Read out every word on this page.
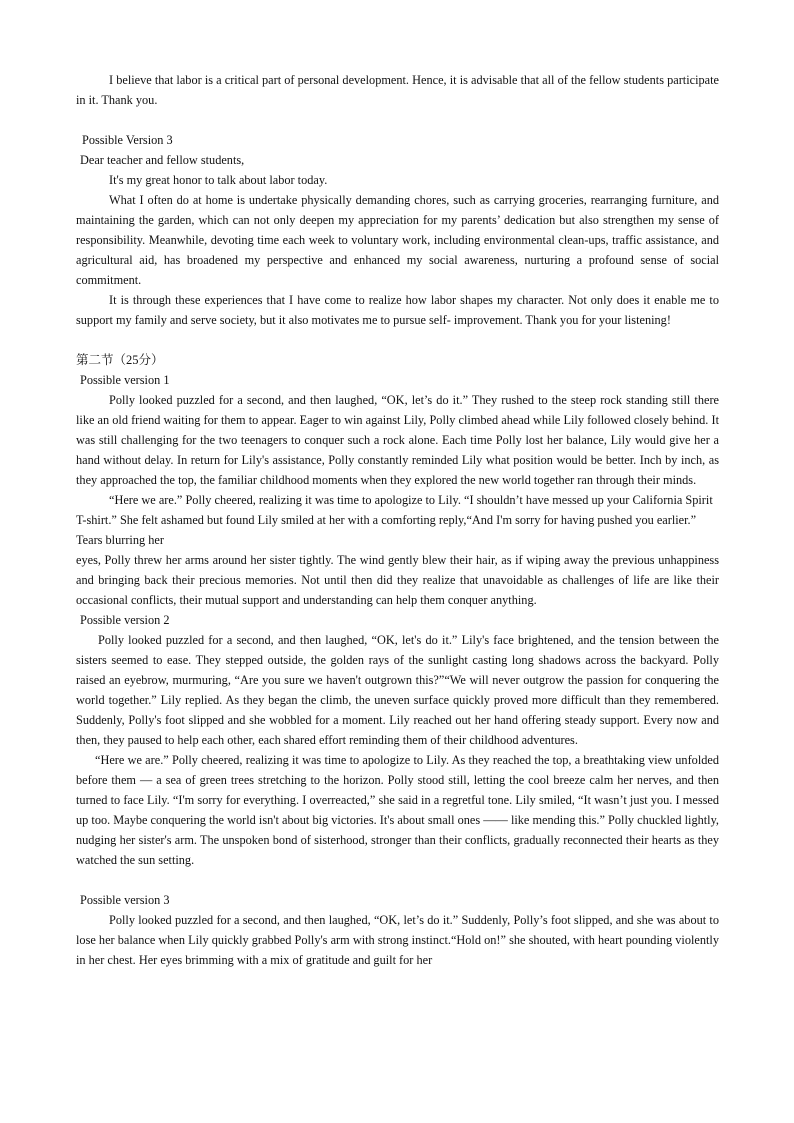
I believe that labor is a critical part of personal development. Hence, it is advisable that all of the fellow students participate in it. Thank you.

Possible Version 3

Dear teacher and fellow students,

It's my great honor to talk about labor today.

What I often do at home is undertake physically demanding chores, such as carrying groceries, rearranging furniture, and maintaining the garden, which can not only deepen my appreciation for my parents’ dedication but also strengthen my sense of responsibility. Meanwhile, devoting time each week to voluntary work, including environmental clean-ups, traffic assistance, and agricultural aid, has broadened my perspective and enhanced my social awareness, nurturing a profound sense of social commitment.

It is through these experiences that I have come to realize how labor shapes my character. Not only does it enable me to support my family and serve society, but it also motivates me to pursue self- improvement. Thank you for your listening!

第二节（25分）

Possible version 1

Polly looked puzzled for a second, and then laughed, “OK, let’s do it.” They rushed to the steep rock standing still there like an old friend waiting for them to appear. Eager to win against Lily, Polly climbed ahead while Lily followed closely behind. It was still challenging for the two teenagers to conquer such a rock alone. Each time Polly lost her balance, Lily would give her a hand without delay. In return for Lily's assistance, Polly constantly reminded Lily what position would be better. Inch by inch, as they approached the top, the familiar childhood moments when they explored the new world together ran through their minds.

“Here we are.” Polly cheered, realizing it was time to apologize to Lily. “I shouldn’t have messed up your California Spirit T-shirt.” She felt ashamed but found Lily smiled at her with a comforting reply,“And I'm sorry for having pushed you earlier.” Tears blurring her

eyes, Polly threw her arms around her sister tightly. The wind gently blew their hair, as if wiping away the previous unhappiness and bringing back their precious memories. Not until then did they realize that unavoidable as challenges of life are like their occasional conflicts, their mutual support and understanding can help them conquer anything.

Possible version 2

Polly looked puzzled for a second, and then laughed, “OK, let's do it.” Lily's face brightened, and the tension between the sisters seemed to ease. They stepped outside, the golden rays of the sunlight casting long shadows across the backyard. Polly raised an eyebrow, murmuring, “Are you sure we haven't outgrown this?”“We will never outgrow the passion for conquering the world together.” Lily replied. As they began the climb, the uneven surface quickly proved more difficult than they remembered. Suddenly, Polly's foot slipped and she wobbled for a moment. Lily reached out her hand offering steady support. Every now and then, they paused to help each other, each shared effort reminding them of their childhood adventures.

“Here we are.” Polly cheered, realizing it was time to apologize to Lily. As they reached the top, a breathtaking view unfolded before them — a sea of green trees stretching to the horizon. Polly stood still, letting the cool breeze calm her nerves, and then turned to face Lily. “I'm sorry for everything. I overreacted,” she said in a regretful tone. Lily smiled, “It wasn’t just you. I messed up too. Maybe conquering the world isn't about big victories. It's about small ones —— like mending this.” Polly chuckled lightly, nudging her sister's arm. The unspoken bond of sisterhood, stronger than their conflicts, gradually reconnected their hearts as they watched the sun setting.

Possible version 3

Polly looked puzzled for a second, and then laughed, “OK, let’s do it.” Suddenly, Polly’s foot slipped, and she was about to lose her balance when Lily quickly grabbed Polly's arm with strong instinct.“Hold on!” she shouted, with heart pounding violently in her chest. Her eyes brimming with a mix of gratitude and guilt for her
